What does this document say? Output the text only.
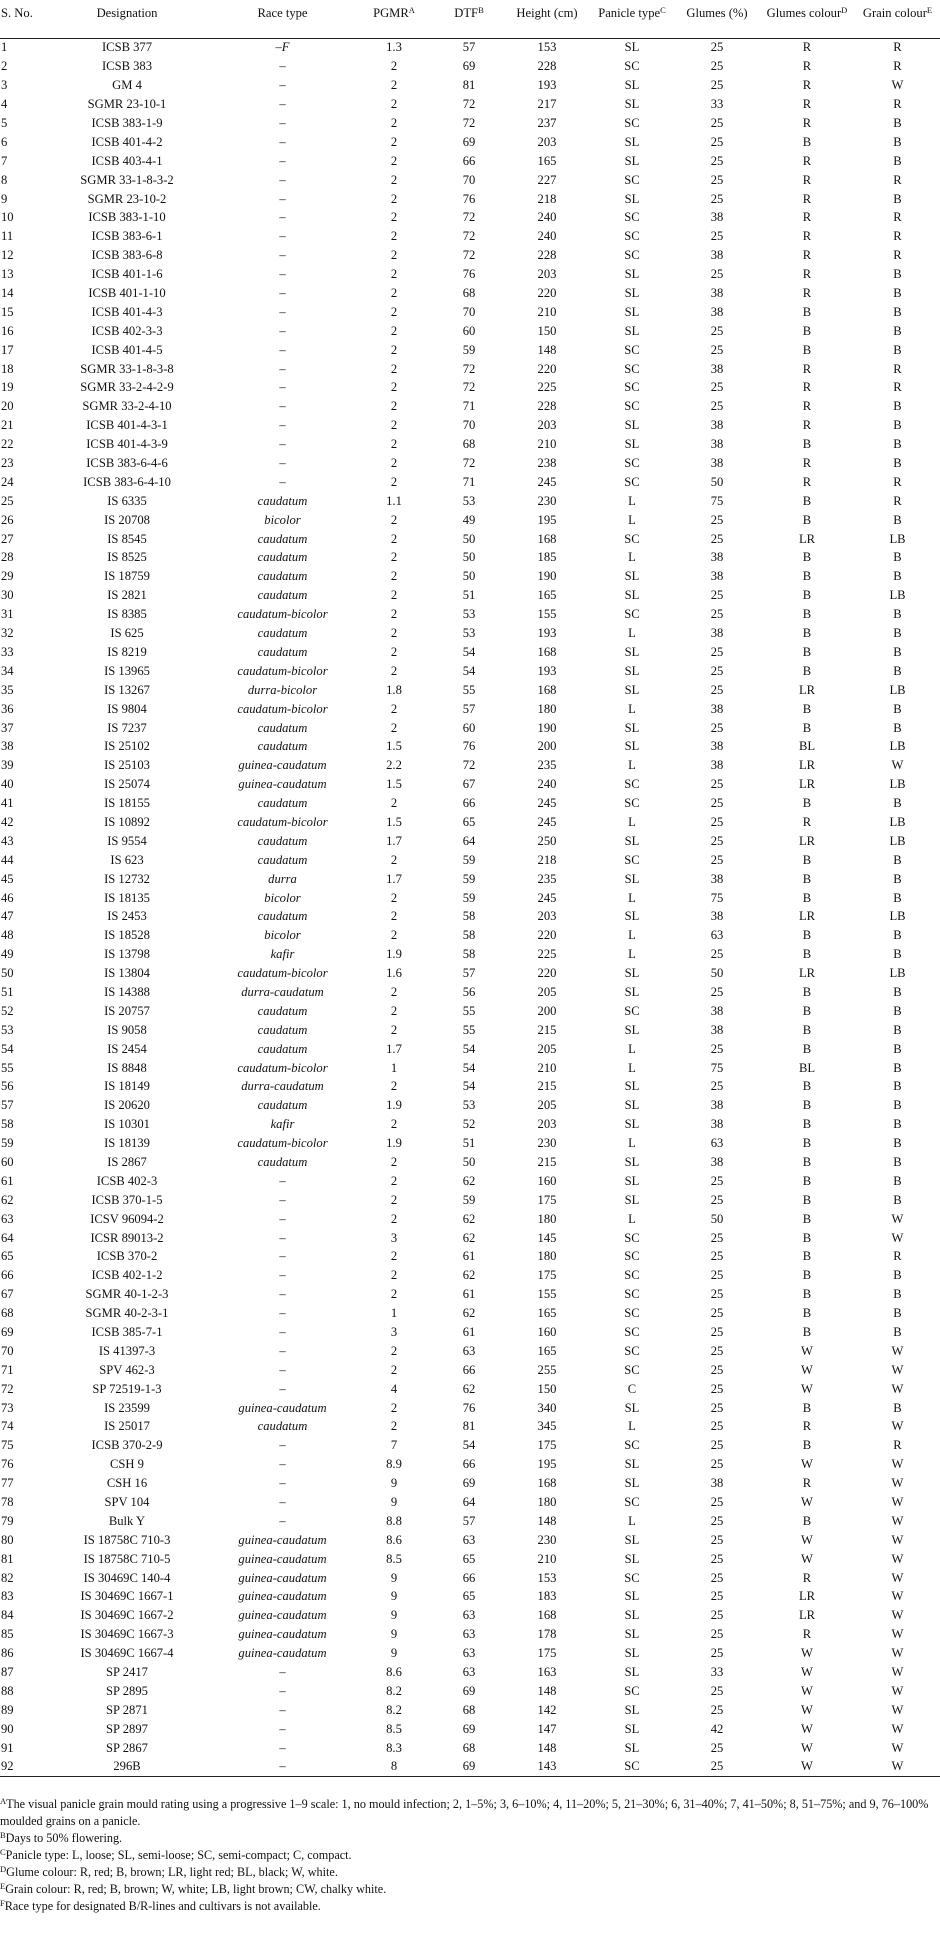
S. No.	Designation	Race type	$PGMR^A$	$DTF^B$	Height (cm)	Panicle type$^C$	Glumes (%)	Glumes colour$^D$	Grain colour$^E$
1	ICSB 377	–F	1.3	57	153	SL	25	R	R
2	ICSB 383	–	2	69	228	SC	25	R	R
3	GM 4	–	2	81	193	SL	25	R	W
4	SGMR 23-10-1	–	2	72	217	SL	33	R	R
5	ICSB 383-1-9	–	2	72	237	SC	25	R	B
6	ICSB 401-4-2	–	2	69	203	SL	25	B	B
7	ICSB 403-4-1	–	2	66	165	SL	25	R	B
8	SGMR 33-1-8-3-2	–	2	70	227	SC	25	R	R
9	SGMR 23-10-2	–	2	76	218	SL	25	R	B
10	ICSB 383-1-10	–	2	72	240	SC	38	R	R
11	ICSB 383-6-1	–	2	72	240	SC	25	R	R
12	ICSB 383-6-8	–	2	72	228	SC	38	R	R
13	ICSB 401-1-6	–	2	76	203	SL	25	R	B
14	ICSB 401-1-10	–	2	68	220	SL	38	R	B
15	ICSB 401-4-3	–	2	70	210	SL	38	B	B
16	ICSB 402-3-3	–	2	60	150	SL	25	B	B
17	ICSB 401-4-5	–	2	59	148	SC	25	B	B
18	SGMR 33-1-8-3-8	–	2	72	220	SC	38	R	R
19	SGMR 33-2-4-2-9	–	2	72	225	SC	25	R	R
20	SGMR 33-2-4-10	–	2	71	228	SC	25	R	B
21	ICSB 401-4-3-1	–	2	70	203	SL	38	R	B
22	ICSB 401-4-3-9	–	2	68	210	SL	38	B	B
23	ICSB 383-6-4-6	–	2	72	238	SC	38	R	B
24	ICSB 383-6-4-10	–	2	71	245	SC	50	R	R
25	IS 6335	caudatum	1.1	53	230	L	75	B	R
26	IS 20708	bicolor	2	49	195	L	25	B	B
27	IS 8545	caudatum	2	50	168	SC	25	LR	LB
28	IS 8525	caudatum	2	50	185	L	38	B	B
29	IS 18759	caudatum	2	50	190	SL	38	B	B
30	IS 2821	caudatum	2	51	165	SL	25	B	LB
31	IS 8385	caudatum-bicolor	2	53	155	SC	25	B	B
32	IS 625	caudatum	2	53	193	L	38	B	B
33	IS 8219	caudatum	2	54	168	SL	25	B	B
34	IS 13965	caudatum-bicolor	2	54	193	SL	25	B	B
35	IS 13267	durra-bicolor	1.8	55	168	SL	25	LR	LB
36	IS 9804	caudatum-bicolor	2	57	180	L	38	B	B
37	IS 7237	caudatum	2	60	190	SL	25	B	B
38	IS 25102	caudatum	1.5	76	200	SL	38	BL	LB
39	IS 25103	guinea-caudatum	2.2	72	235	L	38	LR	W
40	IS 25074	guinea-caudatum	1.5	67	240	SC	25	LR	LB
41	IS 18155	caudatum	2	66	245	SC	25	B	B
42	IS 10892	caudatum-bicolor	1.5	65	245	L	25	R	LB
43	IS 9554	caudatum	1.7	64	250	SL	25	LR	LB
44	IS 623	caudatum	2	59	218	SC	25	B	B
45	IS 12732	durra	1.7	59	235	SL	38	B	B
46	IS 18135	bicolor	2	59	245	L	75	B	B
47	IS 2453	caudatum	2	58	203	SL	38	LR	LB
48	IS 18528	bicolor	2	58	220	L	63	B	B
49	IS 13798	kafir	1.9	58	225	L	25	B	B
50	IS 13804	caudatum-bicolor	1.6	57	220	SL	50	LR	LB
51	IS 14388	durra-caudatum	2	56	205	SL	25	B	B
52	IS 20757	caudatum	2	55	200	SC	38	B	B
53	IS 9058	caudatum	2	55	215	SL	38	B	B
54	IS 2454	caudatum	1.7	54	205	L	25	B	B
55	IS 8848	caudatum-bicolor	1	54	210	L	75	BL	B
56	IS 18149	durra-caudatum	2	54	215	SL	25	B	B
57	IS 20620	caudatum	1.9	53	205	SL	38	B	B
58	IS 10301	kafir	2	52	203	SL	38	B	B
59	IS 18139	caudatum-bicolor	1.9	51	230	L	63	B	B
60	IS 2867	caudatum	2	50	215	SL	38	B	B
61	ICSB 402-3	–	2	62	160	SL	25	B	B
62	ICSB 370-1-5	–	2	59	175	SL	25	B	B
63	ICSV 96094-2	–	2	62	180	L	50	B	W
64	ICSR 89013-2	–	3	62	145	SC	25	B	W
65	ICSB 370-2	–	2	61	180	SC	25	B	R
66	ICSB 402-1-2	–	2	62	175	SC	25	B	B
67	SGMR 40-1-2-3	–	2	61	155	SC	25	B	B
68	SGMR 40-2-3-1	–	1	62	165	SC	25	B	B
69	ICSB 385-7-1	–	3	61	160	SC	25	B	B
70	IS 41397-3	–	2	63	165	SC	25	W	W
71	SPV 462-3	–	2	66	255	SC	25	W	W
72	SP 72519-1-3	–	4	62	150	C	25	W	W
73	IS 23599	guinea-caudatum	2	76	340	SL	25	B	B
74	IS 25017	caudatum	2	81	345	L	25	R	W
75	ICSB 370-2-9	–	7	54	175	SC	25	B	R
76	CSH 9	–	8.9	66	195	SL	25	W	W
77	CSH 16	–	9	69	168	SL	38	R	W
78	SPV 104	–	9	64	180	SC	25	W	W
79	Bulk Y	–	8.8	57	148	L	25	B	W
80	IS 18758C 710-3	guinea-caudatum	8.6	63	230	SL	25	W	W
81	IS 18758C 710-5	guinea-caudatum	8.5	65	210	SL	25	W	W
82	IS 30469C 140-4	guinea-caudatum	9	66	153	SC	25	R	W
83	IS 30469C 1667-1	guinea-caudatum	9	65	183	SL	25	LR	W
84	IS 30469C 1667-2	guinea-caudatum	9	63	168	SL	25	LR	W
85	IS 30469C 1667-3	guinea-caudatum	9	63	178	SL	25	R	W
86	IS 30469C 1667-4	guinea-caudatum	9	63	175	SL	25	W	W
87	SP 2417	–	8.6	63	163	SL	33	W	W
88	SP 2895	–	8.2	69	148	SC	25	W	W
89	SP 2871	–	8.2	68	142	SL	25	W	W
90	SP 2897	–	8.5	69	147	SL	42	W	W
91	SP 2867	–	8.3	68	148	SL	25	W	W
92	296B	–	8	69	143	SC	25	W	W

$^A$The visual panicle grain mould rating using a progressive 1–9 scale: 1, no mould infection; 2, 1–5%; 3, 6–10%; 4, 11–20%; 5, 21–30%; 6, 31–40%; 7, 41–50%; 8, 51–75%; and 9, 76–100% moulded grains on a panicle.

$^B$Days to 50% flowering.

$^C$Panicle type: L, loose; SL, semi-loose; SC, semi-compact; C, compact.

$^D$Glume colour: R, red; B, brown; LR, light red; BL, black; W, white.

$^E$Grain colour: R, red; B, brown; W, white; LB, light brown; CW, chalky white.

$^F$Race type for designated B/R-lines and cultivars is not available.
